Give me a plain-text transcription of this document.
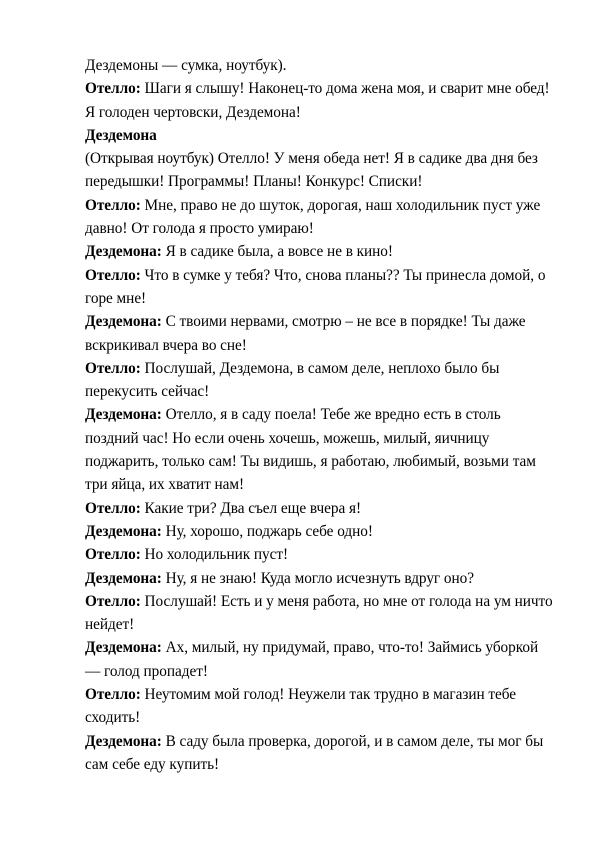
Дездемоны — сумка, ноутбук).

Отелло: Шаги я слышу! Наконец-то дома жена моя, и сварит мне обед! Я голоден чертовски, Дездемона!

Дездемона

(Открывая ноутбук) Отелло! У меня обеда нет! Я в садике два дня без передышки! Программы! Планы! Конкурс! Списки!

Отелло: Мне, право не до шуток, дорогая, наш холодильник пуст уже давно! От голода я просто умираю!

Дездемона: Я в садике была, а вовсе не в кино!

Отелло: Что в сумке у тебя? Что, снова планы?? Ты принесла домой, о горе мне!

Дездемона: С твоими нервами, смотрю – не все в порядке! Ты даже вскрикивал вчера во сне!

Отелло: Послушай, Дездемона, в самом деле, неплохо было бы перекусить сейчас!

Дездемона: Отелло, я в саду поела! Тебе же вредно есть в столь поздний час! Но если очень хочешь, можешь, милый, яичницу поджарить, только сам! Ты видишь, я работаю, любимый, возьми там три яйца, их хватит нам!

Отелло: Какие три? Два съел еще вчера я!

Дездемона: Ну, хорошо, поджарь себе одно!

Отелло: Но холодильник пуст!

Дездемона: Ну, я не знаю! Куда могло исчезнуть вдруг оно?

Отелло: Послушай! Есть и у меня работа, но мне от голода на ум ничто нейдет!

Дездемона: Ах, милый, ну придумай, право, что-то! Займись уборкой — голод пропадет!

Отелло: Неутомим мой голод! Неужели так трудно в магазин тебе сходить!

Дездемона: В саду была проверка, дорогой, и в самом деле, ты мог бы сам себе еду купить!
